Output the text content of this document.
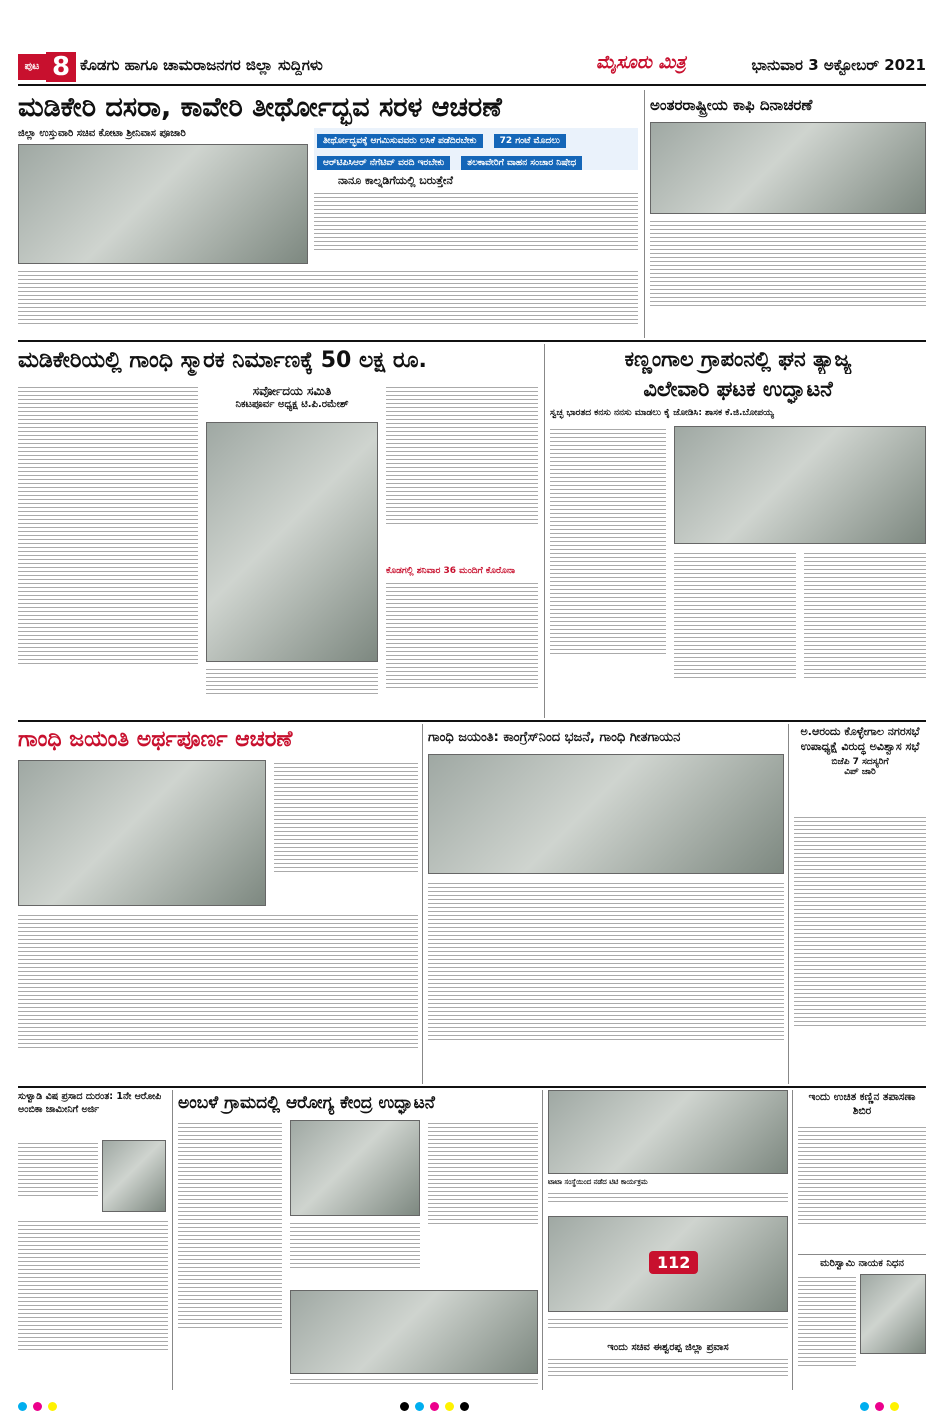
ಪುಟ 8 ಕೊಡಗು ಹಾಗೂ ಚಾಮರಾಜನಗರ ಜಿಲ್ಲಾ ಸುದ್ದಿಗಳು	ಮೈಸೂರು ಮಿತ್ರ	ಭಾನುವಾರ 3 ಅಕ್ಟೋಬರ್ 2021
ಮಡಿಕೇರಿ ದಸರಾ, ಕಾವೇರಿ ತೀರ್ಥೋದ್ಭವ ಸರಳ ಆಚರಣೆ
ಜಿಲ್ಲಾ ಉಸ್ತುವಾರಿ ಸಚಿವ ಕೋಟಾ ಶ್ರೀನಿವಾಸ ಪೂಜಾರಿ
ತೀರ್ಥೋದ್ಭವಕ್ಕೆ ಆಗಮಿಸುವವರು ಲಸಿಕೆ ಪಡೆದಿರಬೇಕು	72 ಗಂಟೆ ಮೊದಲು ಆರ್‌ಟಿಪಿಸಿಆರ್ ನೆಗೆಟಿವ್ ವರದಿ ಇರಬೇಕು	ತಲಕಾವೇರಿಗೆ ವಾಹನ ಸಂಚಾರ ನಿಷೇಧ
ನಾನೂ ಕಾಲ್ನಡಿಗೆಯಲ್ಲಿ ಬರುತ್ತೇನೆ
ಅಂತರರಾಷ್ಟ್ರೀಯ ಕಾಫಿ ದಿನಾಚರಣೆ
ಮಡಿಕೇರಿಯಲ್ಲಿ ಗಾಂಧಿ ಸ್ಮಾರಕ ನಿರ್ಮಾಣಕ್ಕೆ 50 ಲಕ್ಷ ರೂ.
ಸರ್ವೋದಯ ಸಮಿತಿ
ನಿಕಟಪೂರ್ವ ಅಧ್ಯಕ್ಷ ಟಿ.ಪಿ.ರಮೇಶ್
ಕೊಡಗಲ್ಲಿ ಶನಿವಾರ 36 ಮಂದಿಗೆ ಕೊರೊನಾ
ಕಣ್ಣಂಗಾಲ ಗ್ರಾಪಂನಲ್ಲಿ ಘನ ತ್ಯಾಜ್ಯ
ವಿಲೇವಾರಿ ಘಟಕ ಉದ್ಘಾಟನೆ
ಸ್ವಚ್ಛ ಭಾರತದ ಕನಸು ನನಸು ಮಾಡಲು ಕೈ ಜೋಡಿಸಿ: ಶಾಸಕ ಕೆ.ಜಿ.ಬೋಪಯ್ಯ
ಗಾಂಧಿ ಜಯಂತಿ ಅರ್ಥಪೂರ್ಣ ಆಚರಣೆ	ಗಾಂಧಿ ಜಯಂತಿ: ಕಾಂಗ್ರೆಸ್‌ನಿಂದ ಭಜನೆ, ಗಾಂಧಿ ಗೀತಗಾಯನ	ಅ.ಆರಂದು ಕೊಳ್ಳೇಗಾಲ ನಗರಸಭೆ ಉಪಾಧ್ಯಕ್ಷೆ ವಿರುದ್ಧ ಅವಿಶ್ವಾಸ ಸಭೆ
ಬಿಜೆಪಿ 7 ಸದಸ್ಯರಿಗೆ
ವಿಪ್ ಜಾರಿ
ಸುಳ್ವಾಡಿ ವಿಷ ಪ್ರಸಾದ ದುರಂತ: 1ನೇ ಆರೋಪಿ ಅಂಬಿಕಾ ಜಾಮೀನಿಗೆ ಅರ್ಜಿ	ಅಂಬಳೆ ಗ್ರಾಮದಲ್ಲಿ ಆರೋಗ್ಯ ಕೇಂದ್ರ ಉದ್ಘಾಟನೆ
ಟಾಟಾ ಸಂಸ್ಥೆಯಿಂದ ನಡೆದ ಟಿಟಿ ಕಾರ್ಯಕ್ರಮ
112
ಇಂದು ಸಚಿವ ಈಶ್ವರಪ್ಪ ಜಿಲ್ಲಾ ಪ್ರವಾಸ
ಇಂದು ಉಚಿತ ಕಣ್ಣಿನ ತಪಾಸಣಾ ಶಿಬಿರ
ಮರಿಸ್ವಾಮಿ ನಾಯಕ ನಿಧನ
